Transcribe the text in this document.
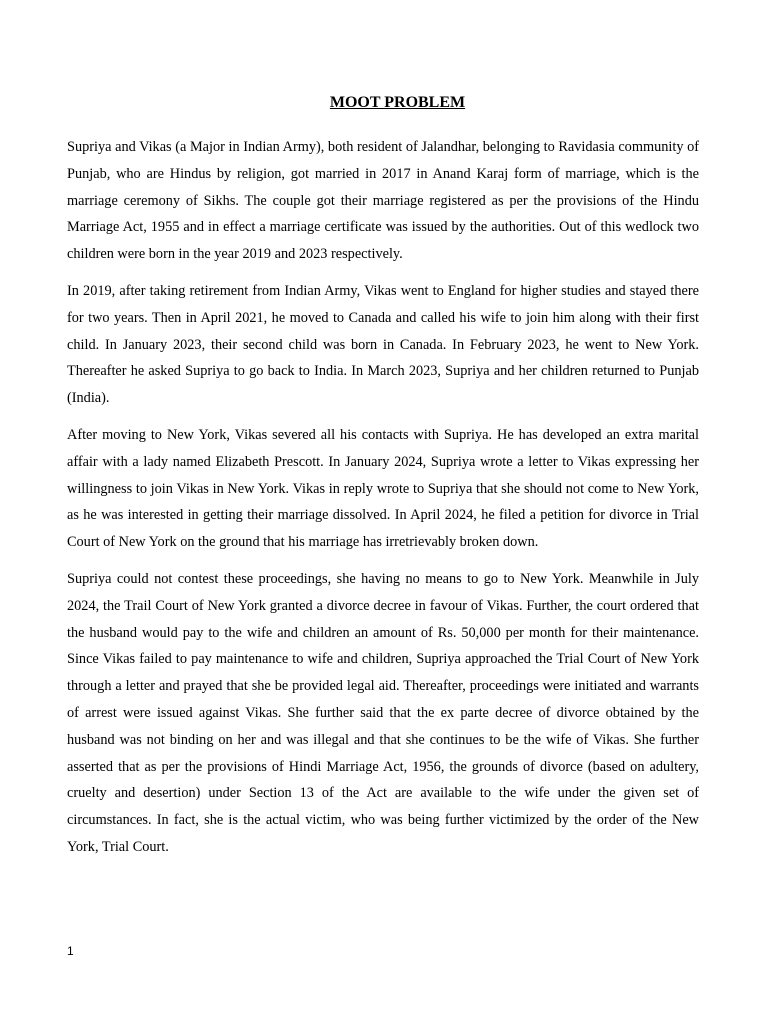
MOOT PROBLEM

Supriya and Vikas (a Major in Indian Army), both resident of Jalandhar, belonging to Ravidasia community of Punjab, who are Hindus by religion, got married in 2017 in Anand Karaj form of marriage, which is the marriage ceremony of Sikhs. The couple got their marriage registered as per the provisions of the Hindu Marriage Act, 1955 and in effect a marriage certificate was issued by the authorities. Out of this wedlock two children were born in the year 2019 and 2023 respectively.

In 2019, after taking retirement from Indian Army, Vikas went to England for higher studies and stayed there for two years. Then in April 2021, he moved to Canada and called his wife to join him along with their first child. In January 2023, their second child was born in Canada. In February 2023, he went to New York. Thereafter he asked Supriya to go back to India. In March 2023, Supriya and her children returned to Punjab (India).

After moving to New York, Vikas severed all his contacts with Supriya. He has developed an extra marital affair with a lady named Elizabeth Prescott. In January 2024, Supriya wrote a letter to Vikas expressing her willingness to join Vikas in New York. Vikas in reply wrote to Supriya that she should not come to New York, as he was interested in getting their marriage dissolved. In April 2024, he filed a petition for divorce in Trial Court of New York on the ground that his marriage has irretrievably broken down.

Supriya could not contest these proceedings, she having no means to go to New York. Meanwhile in July 2024, the Trail Court of New York granted a divorce decree in favour of Vikas. Further, the court ordered that the husband would pay to the wife and children an amount of Rs. 50,000 per month for their maintenance. Since Vikas failed to pay maintenance to wife and children, Supriya approached the Trial Court of New York through a letter and prayed that she be provided legal aid. Thereafter, proceedings were initiated and warrants of arrest were issued against Vikas. She further said that the ex parte decree of divorce obtained by the husband was not binding on her and was illegal and that she continues to be the wife of Vikas. She further asserted that as per the provisions of Hindi Marriage Act, 1956, the grounds of divorce (based on adultery, cruelty and desertion) under Section 13 of the Act are available to the wife under the given set of circumstances. In fact, she is the actual victim, who was being further victimized by the order of the New York, Trial Court.

1
